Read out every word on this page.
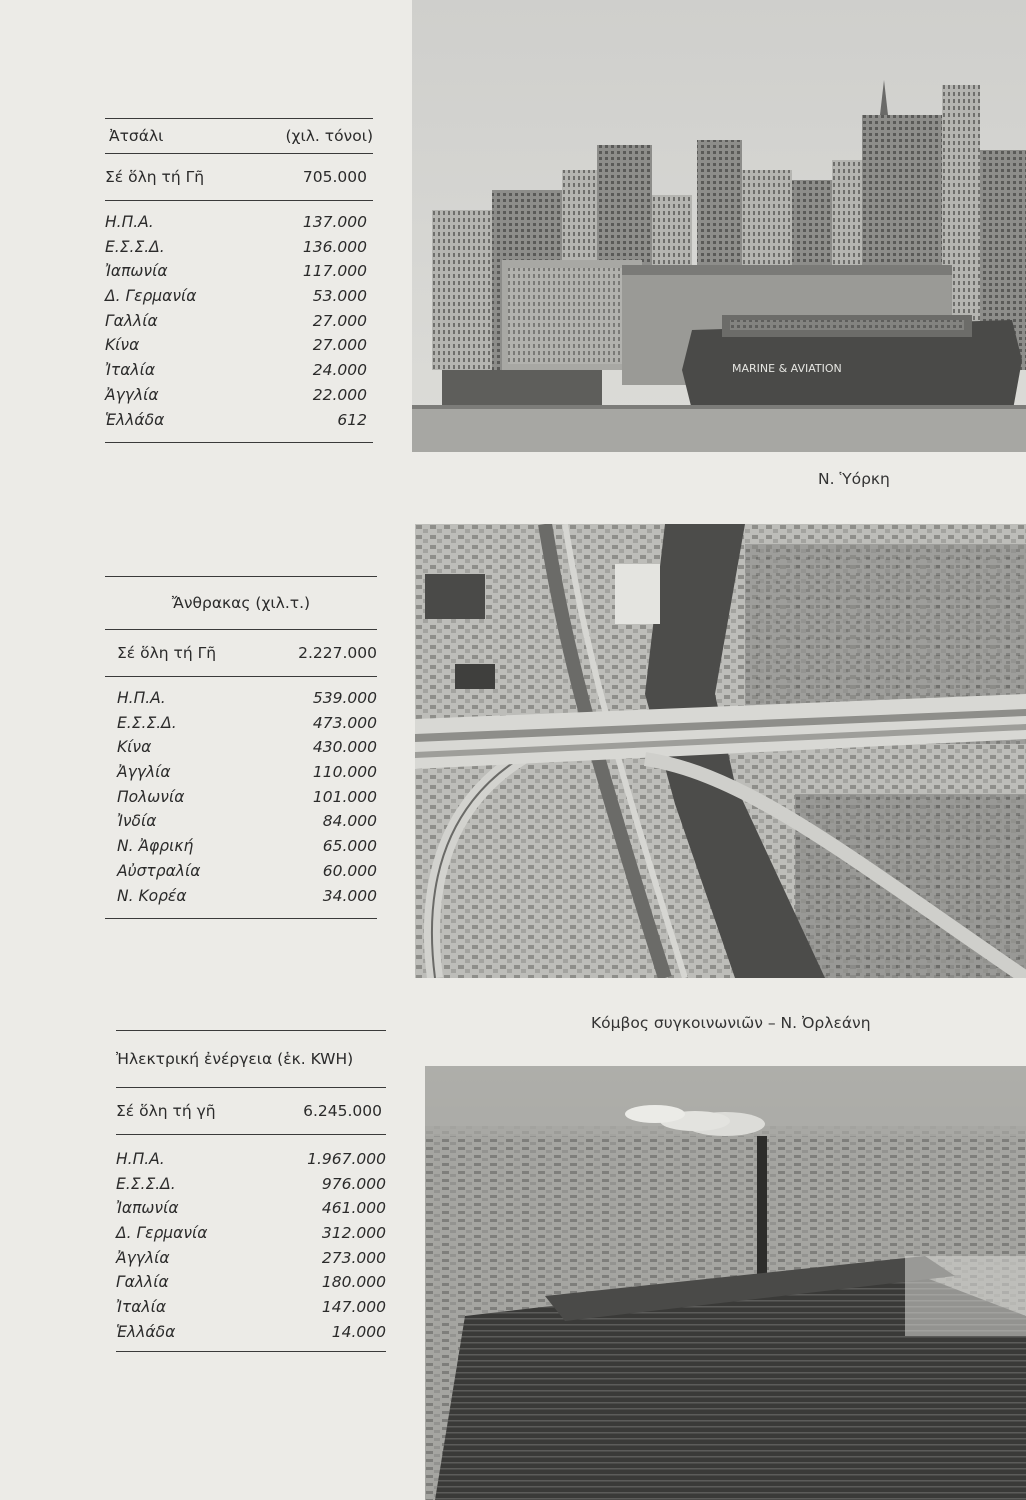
Ἀτσάλι	(χιλ. τόνοι)
Σέ ὅλη τή Γῆ	705.000
Η.Π.Α.	137.000
Ε.Σ.Σ.Δ.	136.000
Ἰαπωνία	117.000
Δ. Γερμανία	53.000
Γαλλία	27.000
Κίνα	27.000
Ἰταλία	24.000
Ἀγγλία	22.000
Ἑλλάδα	612
Ἄνθρακας (χιλ.τ.)
Σέ ὅλη τή Γῆ	2.227.000
Η.Π.Α.	539.000
Ε.Σ.Σ.Δ.	473.000
Κίνα	430.000
Ἀγγλία	110.000
Πολωνία	101.000
Ἰνδία	84.000
Ν. Ἀφρική	65.000
Αὐστραλία	60.000
Ν. Κορέα	34.000
Ἠλεκτρική ἐνέργεια (ἑκ. KWH)
Σέ ὅλη τή γῆ	6.245.000
Η.Π.Α.	1.967.000
Ε.Σ.Σ.Δ.	976.000
Ἰαπωνία	461.000
Δ. Γερμανία	312.000
Ἀγγλία	273.000
Γαλλία	180.000
Ἰταλία	147.000
Ἑλλάδα	14.000
MARINE & AVIATION
Ν. Ὑόρκη
Κόμβος συγκοινωνιῶν – Ν. Ὀρλεάνη
